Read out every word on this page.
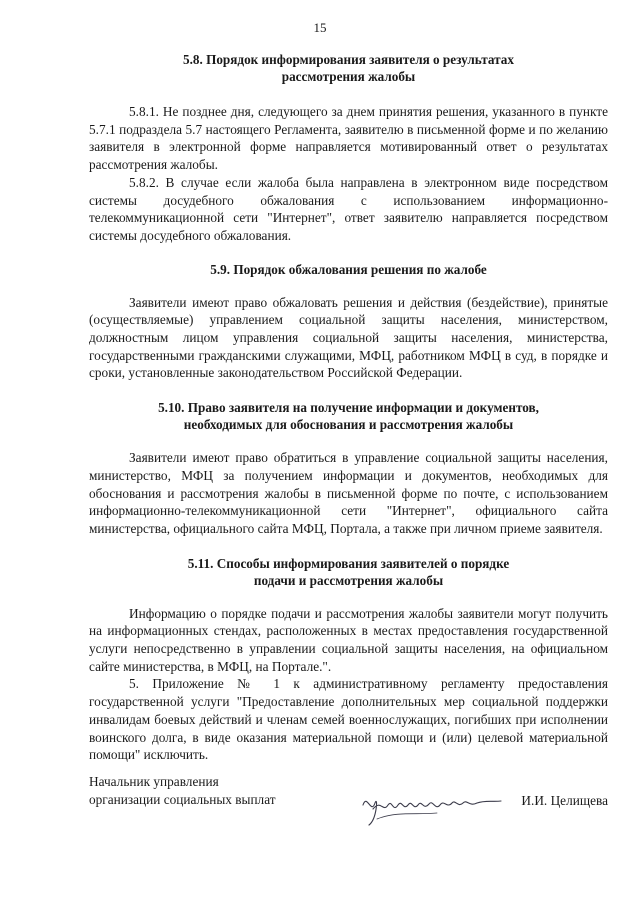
15
5.8. Порядок информирования заявителя о результатах
рассмотрения жалобы

5.8.1. Не позднее дня, следующего за днем принятия решения, указанного в пункте 5.7.1 подраздела 5.7 настоящего Регламента, заявителю в письменной форме и по желанию заявителя в электронной форме направляется мотивированный ответ о результатах рассмотрения жалобы.

5.8.2. В случае если жалоба была направлена в электронном виде посредством системы досудебного обжалования с использованием информационно-телекоммуникационной сети "Интернет", ответ заявителю направляется посредством системы досудебного обжалования.

5.9. Порядок обжалования решения по жалобе

Заявители имеют право обжаловать решения и действия (бездействие), принятые (осуществляемые) управлением социальной защиты населения, министерством, должностным лицом управления социальной защиты населения, министерства, государственными гражданскими служащими, МФЦ, работником МФЦ в суд, в порядке и сроки, установленные законодательством Российской Федерации.

5.10. Право заявителя на получение информации и документов,
необходимых для обоснования и рассмотрения жалобы

Заявители имеют право обратиться в управление социальной защиты населения, министерство, МФЦ за получением информации и документов, необходимых для обоснования и рассмотрения жалобы в письменной форме по почте, с использованием информационно-телекоммуникационной сети "Интернет", официального сайта министерства, официального сайта МФЦ, Портала, а также при личном приеме заявителя.

5.11. Способы информирования заявителей о порядке
подачи и рассмотрения жалобы

Информацию о порядке подачи и рассмотрения жалобы заявители могут получить на информационных стендах, расположенных в местах предоставления государственной услуги непосредственно в управлении социальной защиты населения, на официальном сайте министерства, в МФЦ, на Портале.".

5. Приложение № 1 к административному регламенту предоставления государственной услуги "Предоставление дополнительных мер социальной поддержки инвалидам боевых действий и членам семей военнослужащих, погибших при исполнении воинского долга, в виде оказания материальной помощи и (или) целевой материальной помощи" исключить.

Начальник управления
организации социальных выплат	И.И. Целищева
